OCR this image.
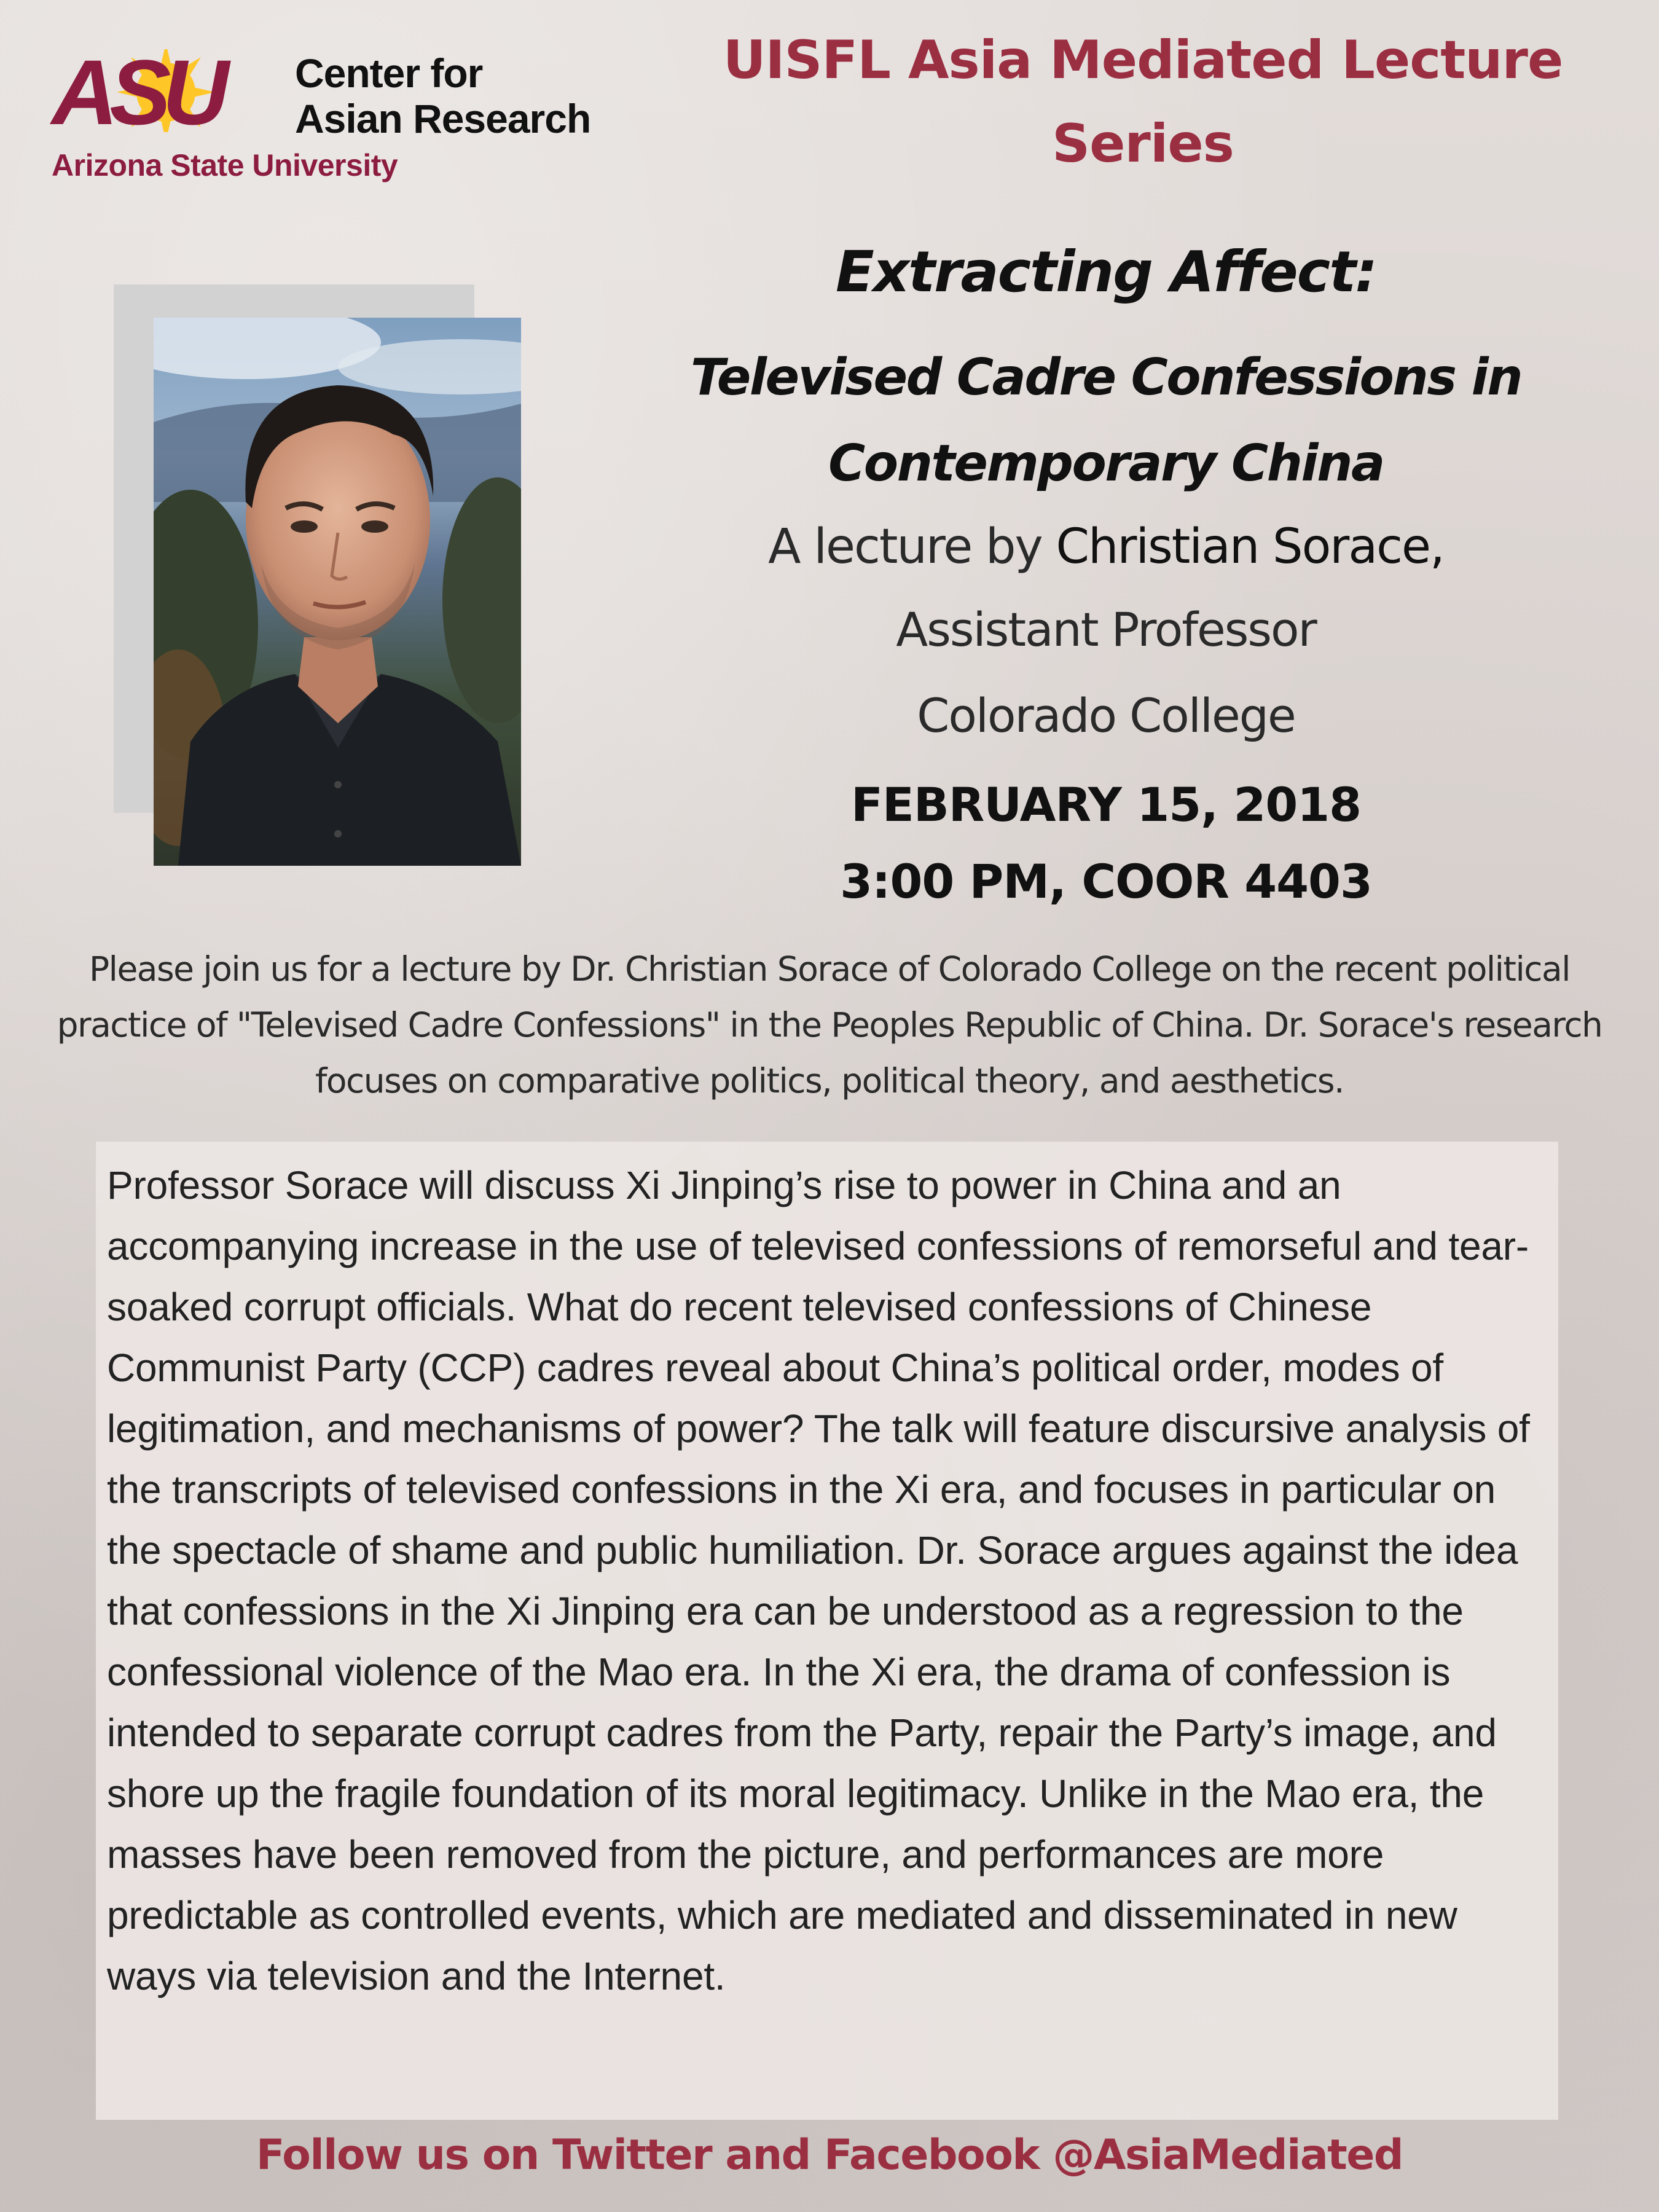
ASU Center for
Asian Research
Arizona State University
UISFL Asia Mediated Lecture Series
Extracting Affect:
Televised Cadre Confessions in
Contemporary China
A lecture by Christian Sorace,
Assistant Professor
Colorado College
FEBRUARY 15, 2018
3:00 PM, COOR 4403
Please join us for a lecture by Dr. Christian Sorace of Colorado College on the recent political practice of "Televised Cadre Confessions" in the Peoples Republic of China. Dr. Sorace's research focuses on comparative politics, political theory, and aesthetics.
Professor Sorace will discuss Xi Jinping’s rise to power in China and an accompanying increase in the use of televised confessions of remorseful and tear-soaked corrupt officials. What do recent televised confessions of Chinese Communist Party (CCP) cadres reveal about China’s political order, modes of legitimation, and mechanisms of power? The talk will feature discursive analysis of the transcripts of televised confessions in the Xi era, and focuses in particular on the spectacle of shame and public humiliation. Dr. Sorace argues against the idea that confessions in the Xi Jinping era can be understood as a regression to the confessional violence of the Mao era. In the Xi era, the drama of confession is intended to separate corrupt cadres from the Party, repair the Party’s image, and shore up the fragile foundation of its moral legitimacy. Unlike in the Mao era, the masses have been removed from the picture, and performances are more predictable as controlled events, which are mediated and disseminated in new ways via television and the Internet.
Follow us on Twitter and Facebook @AsiaMediated
